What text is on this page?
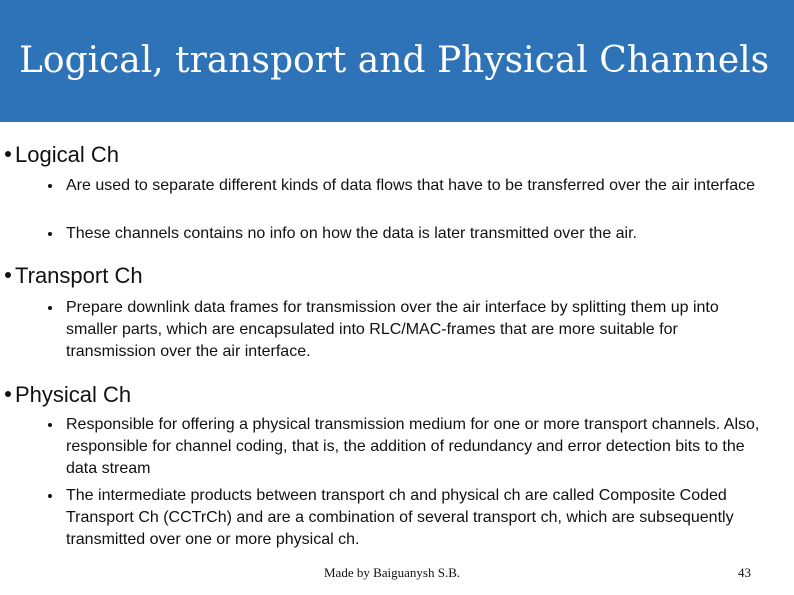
Logical, transport and Physical Channels
Logical Ch
Are used to separate different kinds of data flows that have to be transferred over the air interface
These channels contains no info on how the data is later transmitted over the air.
Transport Ch
Prepare downlink data frames for transmission over the air interface by splitting them up into smaller parts, which are encapsulated into RLC/MAC-frames that are more suitable for transmission over the air interface.
Physical Ch
Responsible for offering a physical transmission medium for one or more transport channels. Also, responsible for channel coding, that is, the addition of redundancy and error detection bits to the data stream
The intermediate products between transport ch and physical ch are called Composite Coded Transport Ch (CCTrCh) and are a combination of several transport ch, which are subsequently transmitted over one or more physical ch.
Made by Baiguanysh S.B.	43
